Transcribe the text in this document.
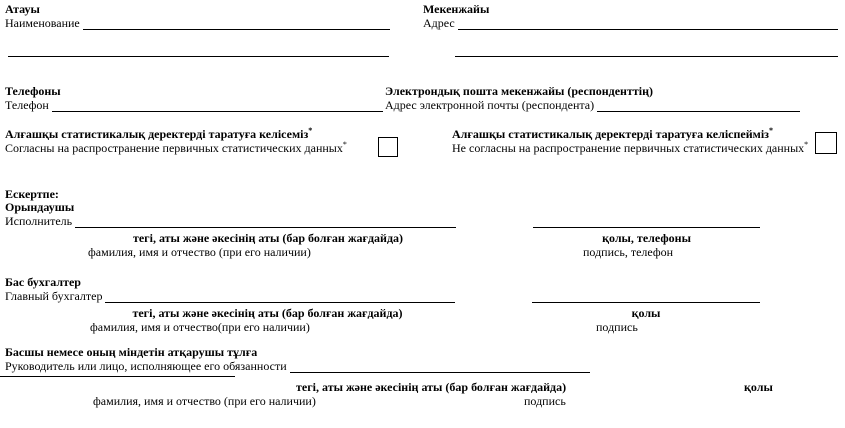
Атауы
Наименование
Мекенжайы
Адрес
Телефоны
Телефон
Электрондық пошта мекенжайы (респонденттің)
Адрес электронной почты (респондента)
Алғашқы статистикалық деректерді таратуға келісеміз*
Согласны на распространение первичных статистических данных*
Алғашқы статистикалық деректерді таратуға келіспейміз*
Не согласны на распространение первичных статистических данных*
Ескертпе:
Орындаушы
Исполнитель
тегі, аты және әкесінің аты (бар болған жағдайда)	қолы, телефоны
фамилия, имя и отчество (при его наличии)	подпись, телефон
Бас бухгалтер
Главный бухгалтер
тегі, аты және әкесінің аты (бар болған жағдайда)	қолы
фамилия, имя и отчество(при его наличии)	подпись
Басшы немесе оның міндетін атқарушы тұлға
Руководитель или лицо, исполняющее его обязанности
тегі, аты және әкесінің аты (бар болған жағдайда)	қолы
фамилия, имя и отчество (при его наличии)	подпись
